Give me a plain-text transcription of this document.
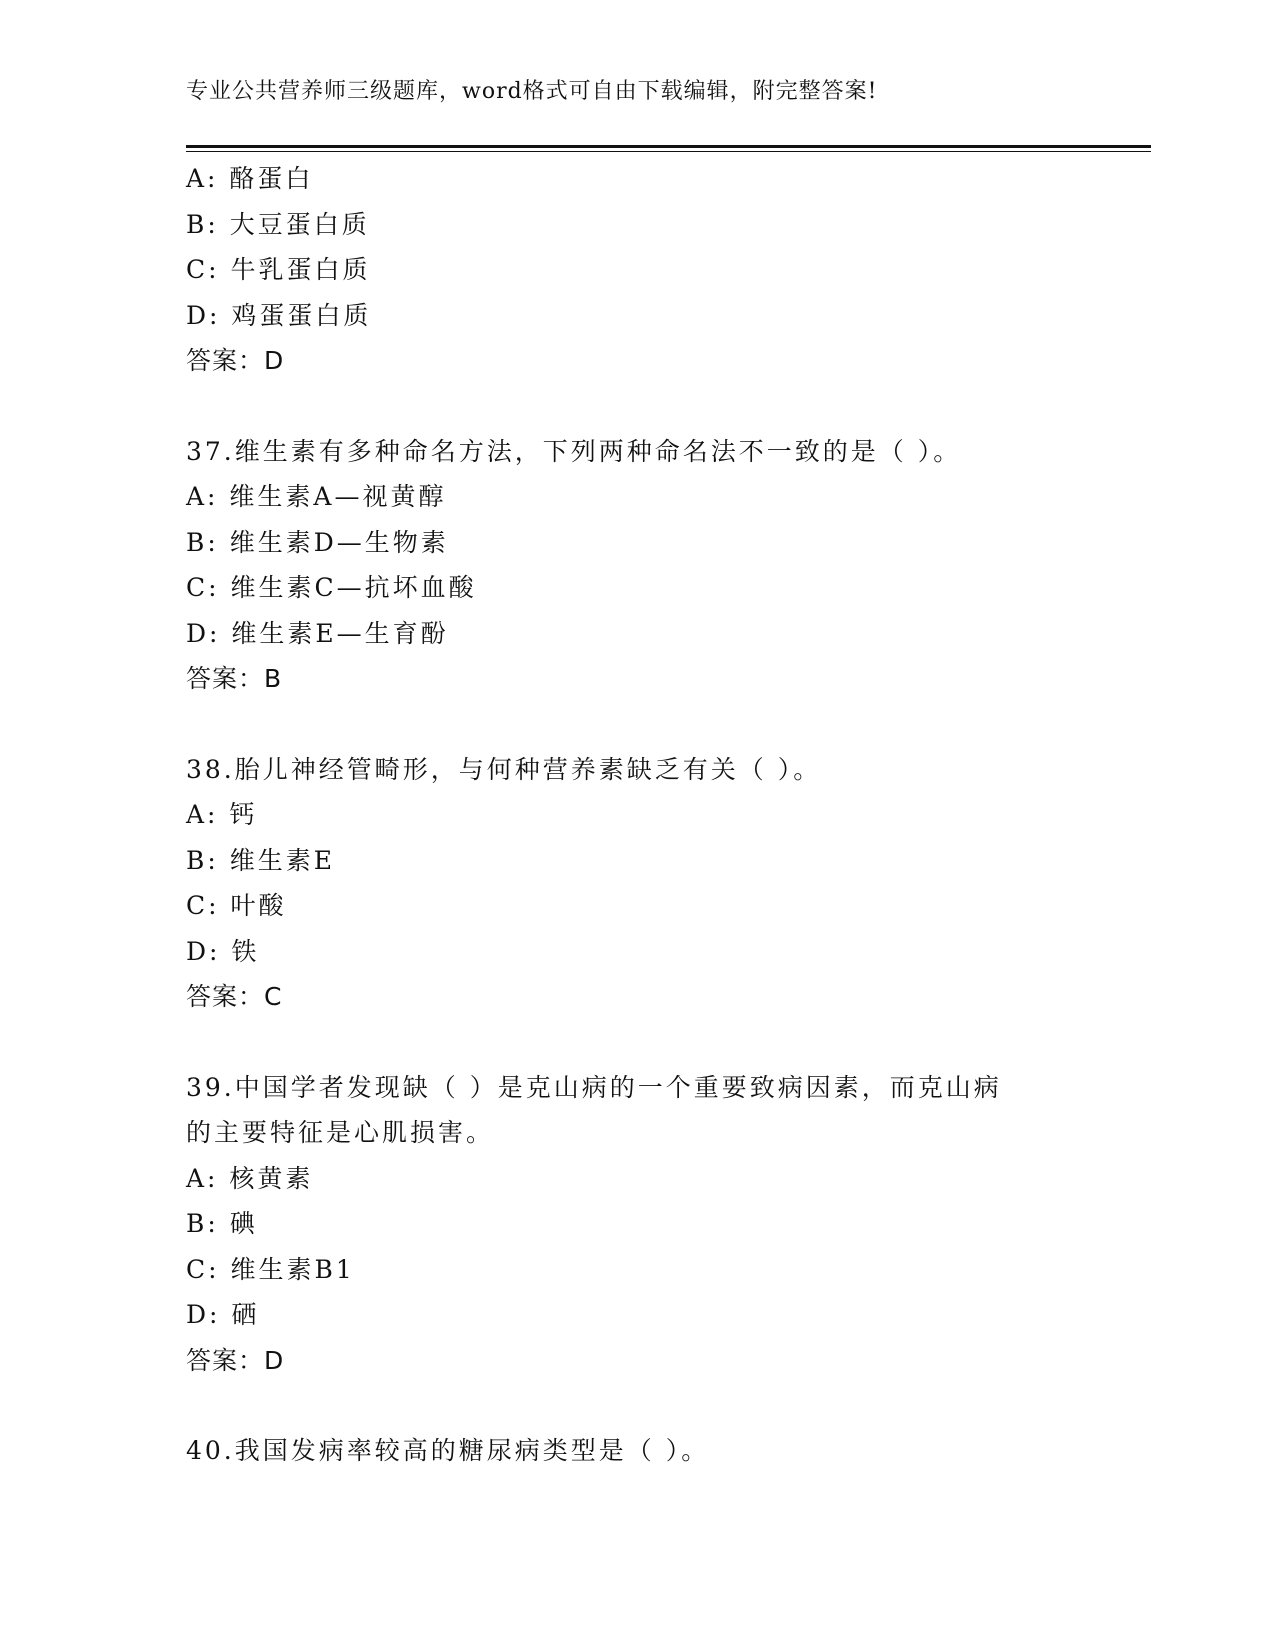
专业公共营养师三级题库，word格式可自由下载编辑，附完整答案!

A: 酪蛋白

B: 大豆蛋白质

C: 牛乳蛋白质

D: 鸡蛋蛋白质

答案：D

37.维生素有多种命名方法，下列两种命名法不一致的是（ ）。

A: 维生素A—视黄醇

B: 维生素D—生物素

C: 维生素C—抗坏血酸

D: 维生素E—生育酚

答案：B

38.胎儿神经管畸形，与何种营养素缺乏有关（ ）。

A: 钙

B: 维生素E

C: 叶酸

D: 铁

答案：C

39.中国学者发现缺（ ）是克山病的一个重要致病因素，而克山病

的主要特征是心肌损害。

A: 核黄素

B: 碘

C: 维生素B1

D: 硒

答案：D

40.我国发病率较高的糖尿病类型是（ ）。
